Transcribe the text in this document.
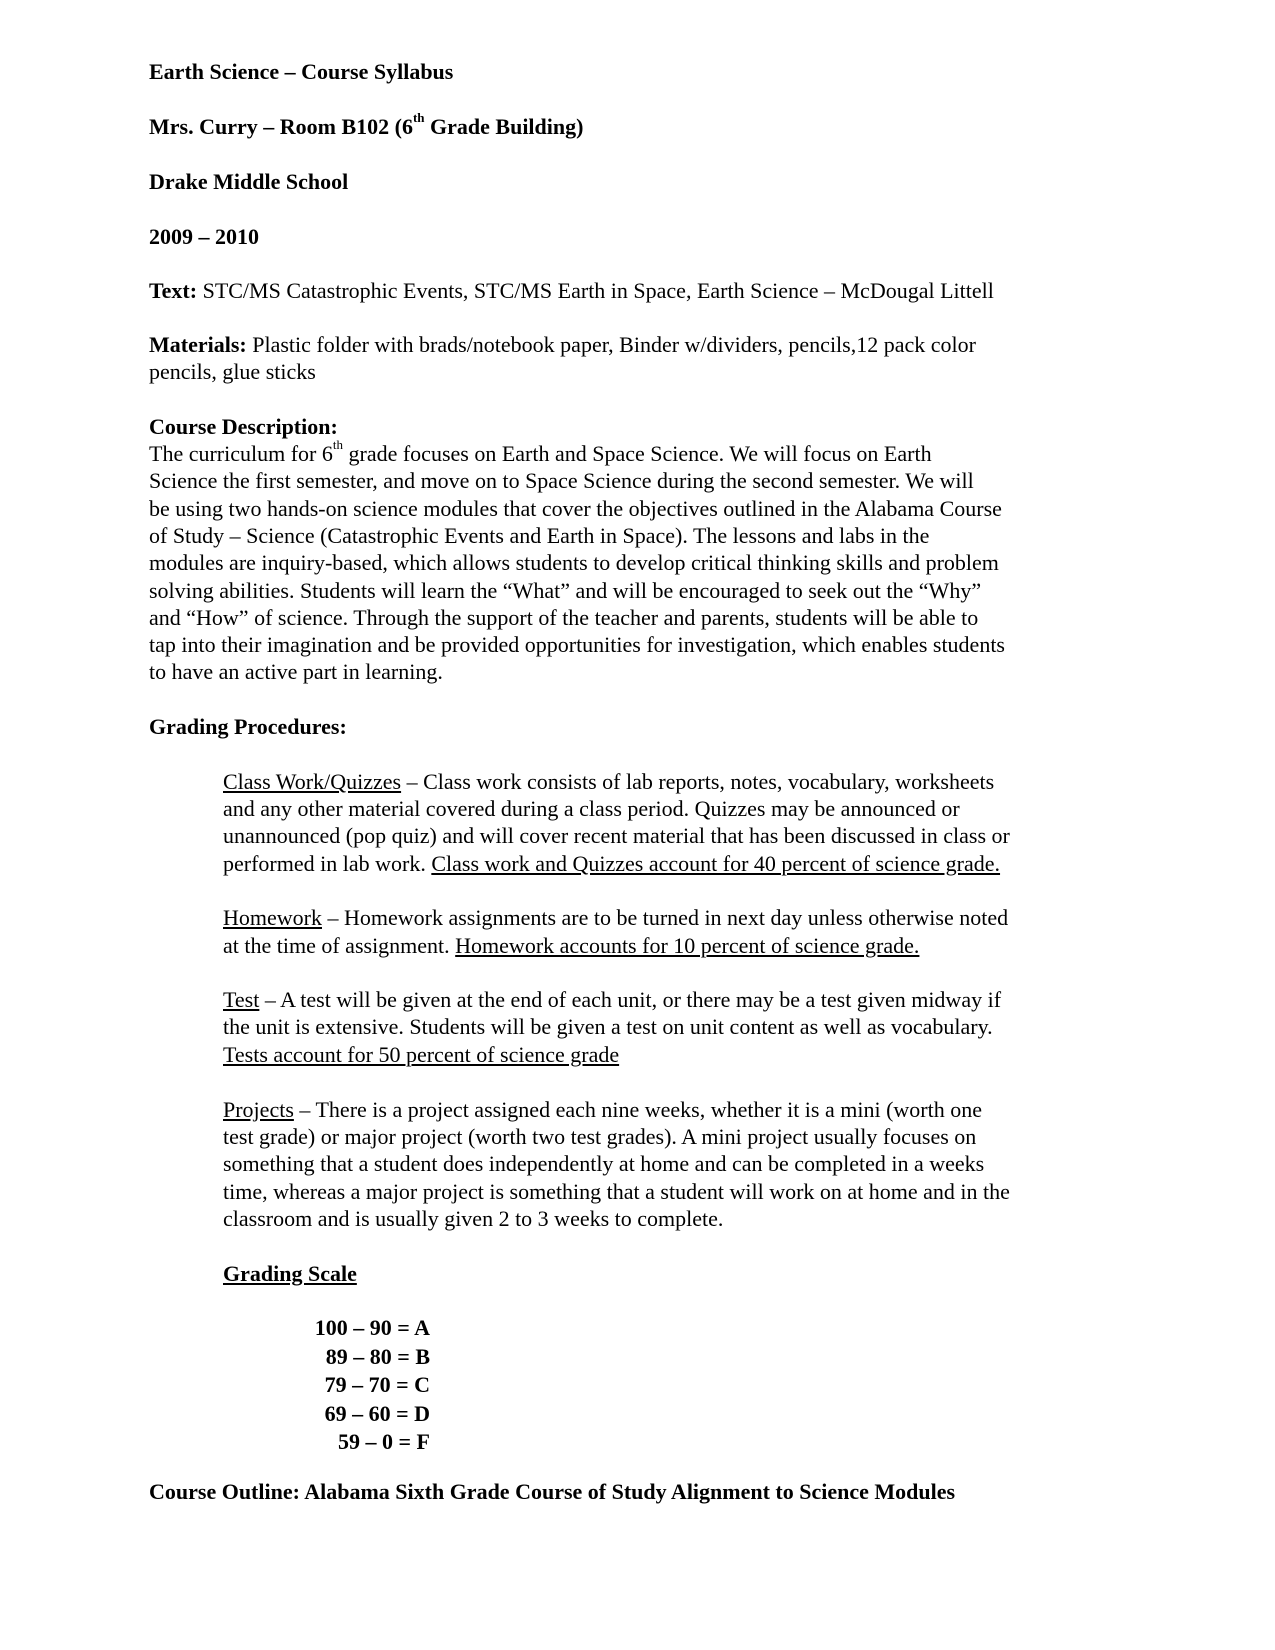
Earth Science – Course Syllabus
Mrs. Curry – Room B102 (6th Grade Building)
Drake Middle School
2009 – 2010
Text: STC/MS Catastrophic Events, STC/MS Earth in Space, Earth Science – McDougal Littell
Materials: Plastic folder with brads/notebook paper, Binder w/dividers, pencils,12 pack color
pencils, glue sticks
Course Description:
The curriculum for 6th grade focuses on Earth and Space Science. We will focus on Earth
Science the first semester, and move on to Space Science during the second semester. We will
be using two hands-on science modules that cover the objectives outlined in the Alabama Course
of Study – Science (Catastrophic Events and Earth in Space). The lessons and labs in the
modules are inquiry-based, which allows students to develop critical thinking skills and problem
solving abilities. Students will learn the “What” and will be encouraged to seek out the “Why”
and “How” of science. Through the support of the teacher and parents, students will be able to
tap into their imagination and be provided opportunities for investigation, which enables students
to have an active part in learning.
Grading Procedures:
Class Work/Quizzes – Class work consists of lab reports, notes, vocabulary, worksheets
and any other material covered during a class period. Quizzes may be announced or
unannounced (pop quiz) and will cover recent material that has been discussed in class or
performed in lab work. Class work and Quizzes account for 40 percent of science grade.
Homework – Homework assignments are to be turned in next day unless otherwise noted
at the time of assignment. Homework accounts for 10 percent of science grade.
Test – A test will be given at the end of each unit, or there may be a test given midway if
the unit is extensive. Students will be given a test on unit content as well as vocabulary.
Tests account for 50 percent of science grade
Projects – There is a project assigned each nine weeks, whether it is a mini (worth one
test grade) or major project (worth two test grades). A mini project usually focuses on
something that a student does independently at home and can be completed in a weeks
time, whereas a major project is something that a student will work on at home and in the
classroom and is usually given 2 to 3 weeks to complete.
Grading Scale
100 – 90 = A
89 – 80 = B
79 – 70 = C
69 – 60 = D
59 – 0 = F
Course Outline: Alabama Sixth Grade Course of Study Alignment to Science Modules
